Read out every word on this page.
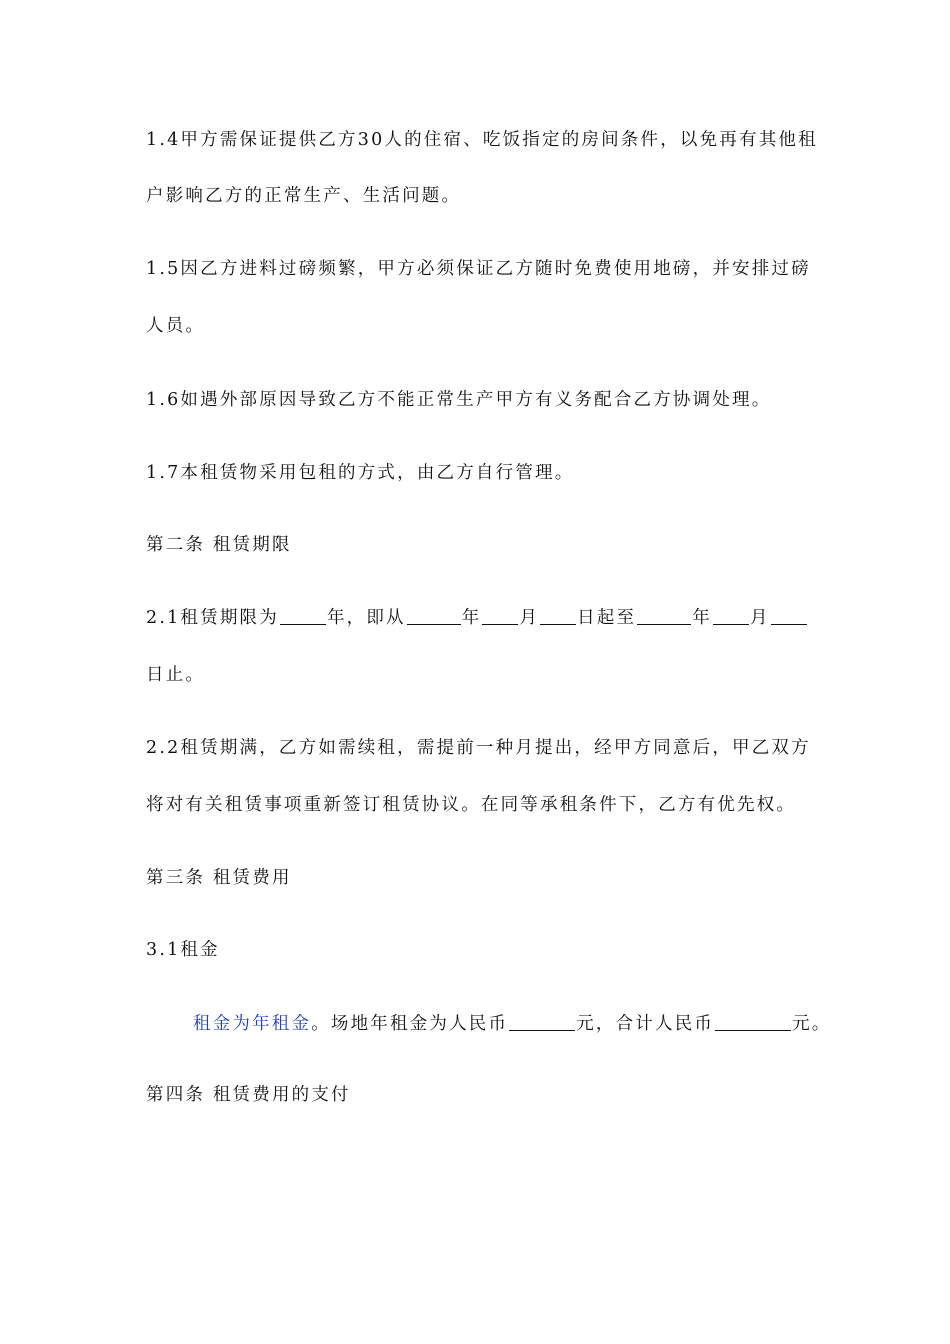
1.4甲方需保证提供乙方30人的住宿、吃饭指定的房间条件，以免再有其他租
户影响乙方的正常生产、生活问题。
1.5因乙方进料过磅频繁，甲方必须保证乙方随时免费使用地磅，并安排过磅
人员。
1.6如遇外部原因导致乙方不能正常生产甲方有义务配合乙方协调处理。
1.7本租赁物采用包租的方式，由乙方自行管理。
第二条 租赁期限
2.1租赁期限为	年，即从	年 月 日起至	年 月
日止。
2.2租赁期满，乙方如需续租，需提前一种月提出，经甲方同意后，甲乙双方
将对有关租赁事项重新签订租赁协议。在同等承租条件下，乙方有优先权。
第三条 租赁费用
3.1租金
租金为年租金。场地年租金为人民币	元，合计人民币	元。
第四条 租赁费用的支付
